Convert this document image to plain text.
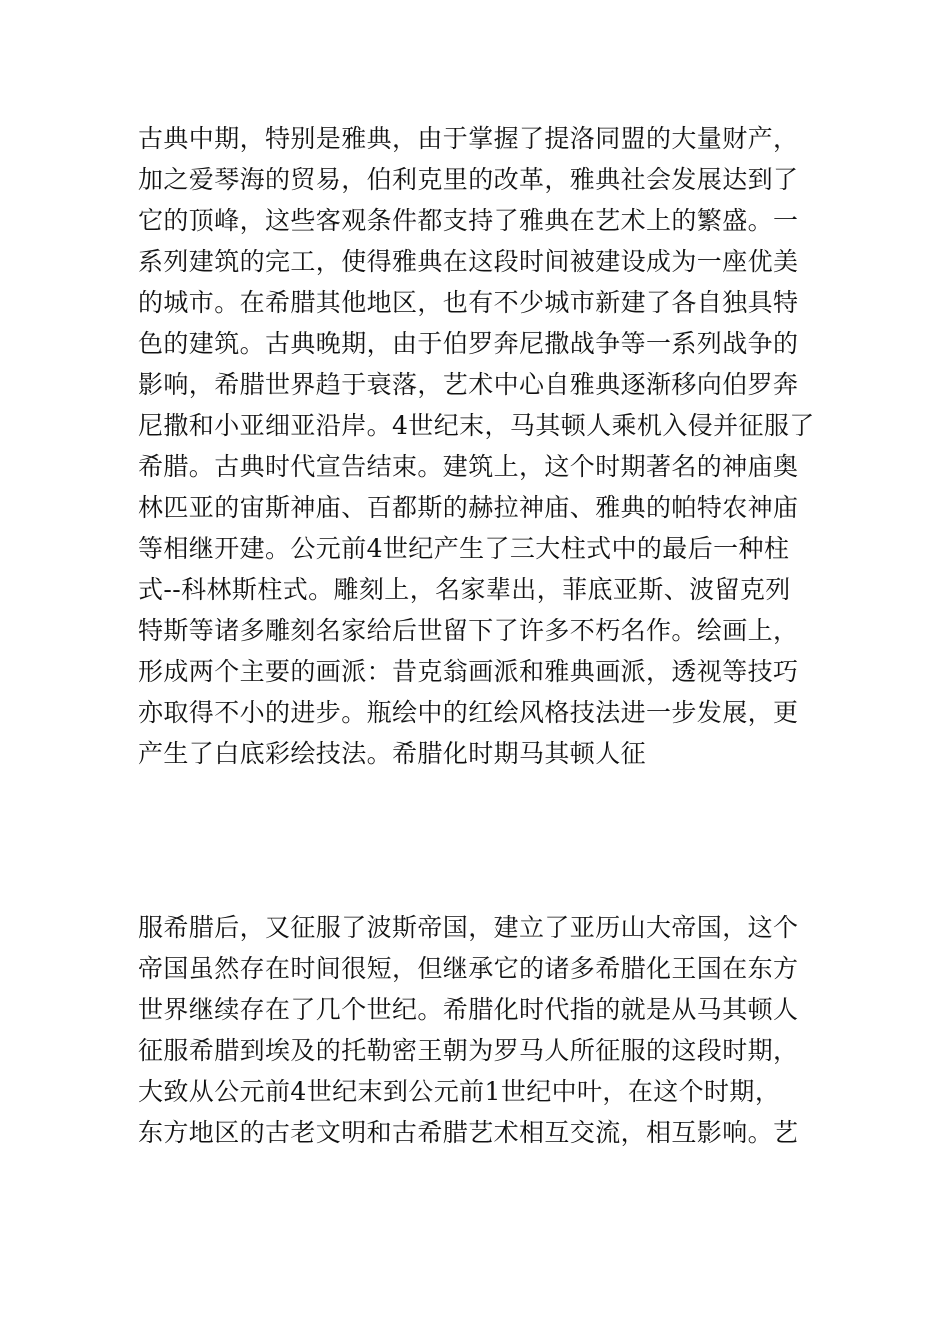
古典中期，特别是雅典，由于掌握了提洛同盟的大量财产，
加之爱琴海的贸易，伯利克里的改革，雅典社会发展达到了
它的顶峰，这些客观条件都支持了雅典在艺术上的繁盛。一
系列建筑的完工，使得雅典在这段时间被建设成为一座优美
的城市。在希腊其他地区，也有不少城市新建了各自独具特
色的建筑。古典晚期，由于伯罗奔尼撒战争等一系列战争的
影响，希腊世界趋于衰落，艺术中心自雅典逐渐移向伯罗奔
尼撒和小亚细亚沿岸。4世纪末，马其顿人乘机入侵并征服了
希腊。古典时代宣告结束。建筑上，这个时期著名的神庙奥
林匹亚的宙斯神庙、百都斯的赫拉神庙、雅典的帕特农神庙
等相继开建。公元前4世纪产生了三大柱式中的最后一种柱
式--科林斯柱式。雕刻上，名家辈出，菲底亚斯、波留克列
特斯等诸多雕刻名家给后世留下了许多不朽名作。绘画上，
形成两个主要的画派：昔克翁画派和雅典画派，透视等技巧
亦取得不小的进步。瓶绘中的红绘风格技法进一步发展，更
产生了白底彩绘技法。希腊化时期马其顿人征
服希腊后，又征服了波斯帝国，建立了亚历山大帝国，这个
帝国虽然存在时间很短，但继承它的诸多希腊化王国在东方
世界继续存在了几个世纪。希腊化时代指的就是从马其顿人
征服希腊到埃及的托勒密王朝为罗马人所征服的这段时期，
大致从公元前4世纪末到公元前1世纪中叶，在这个时期，
东方地区的古老文明和古希腊艺术相互交流，相互影响。艺
